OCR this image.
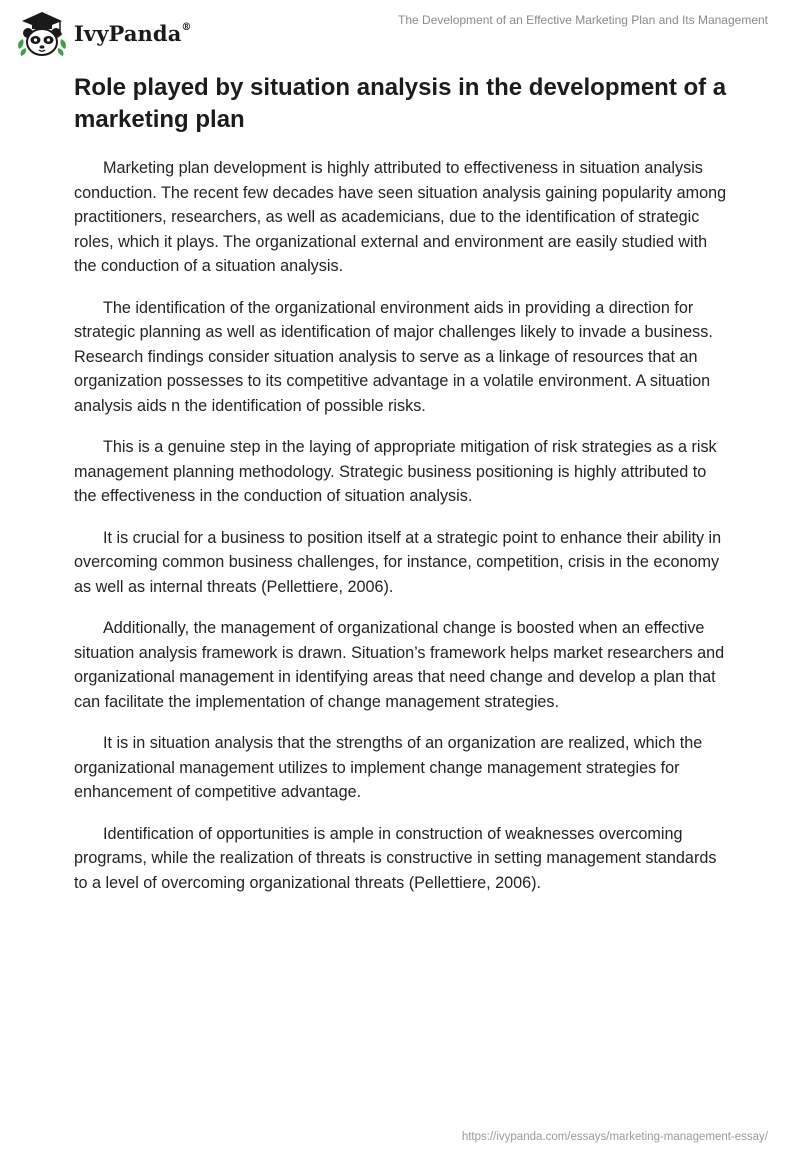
IvyPanda®	The Development of an Effective Marketing Plan and Its Management
Role played by situation analysis in the development of a marketing plan

Marketing plan development is highly attributed to effectiveness in situation analysis conduction. The recent few decades have seen situation analysis gaining popularity among practitioners, researchers, as well as academicians, due to the identification of strategic roles, which it plays. The organizational external and environment are easily studied with the conduction of a situation analysis.

The identification of the organizational environment aids in providing a direction for strategic planning as well as identification of major challenges likely to invade a business. Research findings consider situation analysis to serve as a linkage of resources that an organization possesses to its competitive advantage in a volatile environment. A situation analysis aids n the identification of possible risks.

This is a genuine step in the laying of appropriate mitigation of risk strategies as a risk management planning methodology. Strategic business positioning is highly attributed to the effectiveness in the conduction of situation analysis.

It is crucial for a business to position itself at a strategic point to enhance their ability in overcoming common business challenges, for instance, competition, crisis in the economy as well as internal threats (Pellettiere, 2006).

Additionally, the management of organizational change is boosted when an effective situation analysis framework is drawn. Situation’s framework helps market researchers and organizational management in identifying areas that need change and develop a plan that can facilitate the implementation of change management strategies.

It is in situation analysis that the strengths of an organization are realized, which the organizational management utilizes to implement change management strategies for enhancement of competitive advantage.

Identification of opportunities is ample in construction of weaknesses overcoming programs, while the realization of threats is constructive in setting management standards to a level of overcoming organizational threats (Pellettiere, 2006).

https://ivypanda.com/essays/marketing-management-essay/
